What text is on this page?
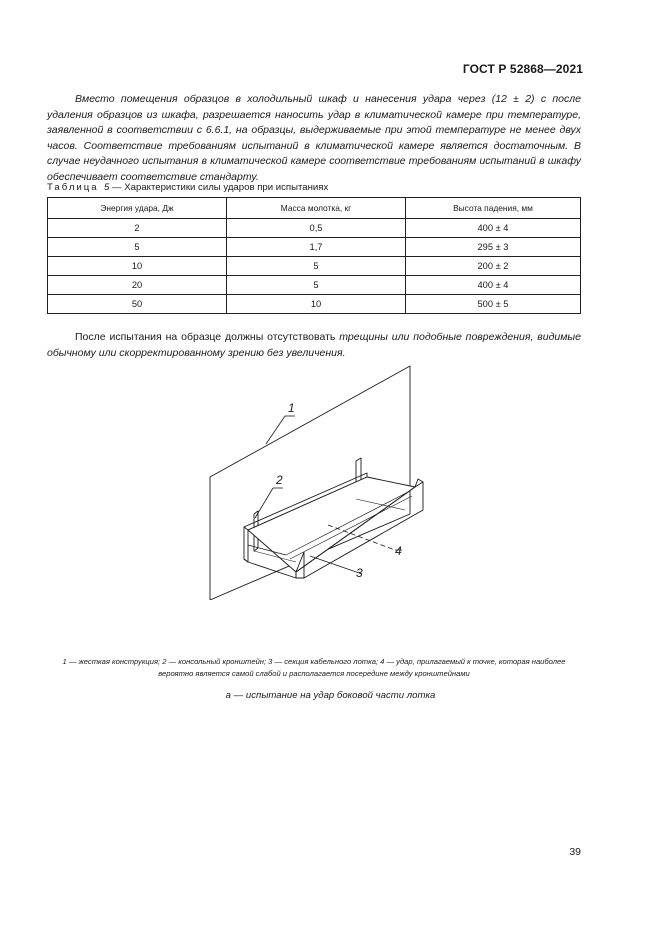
ГОСТ Р 52868—2021

Вместо помещения образцов в холодильный шкаф и нанесения удара через (12 ± 2) с после удаления образцов из шкафа, разрешается наносить удар в климатической камере при температуре, заявленной в соответствии с 6.6.1, на образцы, выдерживаемые при этой температуре не менее двух часов. Соответствие требованиям испытаний в климатической камере является достаточным. В случае неудачного испытания в климатической камере соответствие требованиям испытаний в шкафу обеспечивает соответствие стандарту.

Таблица 5 — Характеристики силы ударов при испытаниях
Энергия удара, Дж	Масса молотка, кг	Высота падения, мм
2	0,5	400 ± 4
5	1,7	295 ± 3
10	5	200 ± 2
20	5	400 ± 4
50	10	500 ± 5

После испытания на образце должны отсутствовать трещины или подобные повреждения, видимые обычному или скорректированному зрению без увеличения.

1
2
3
4

1 — жесткая конструкция; 2 — консольный кронштейн; 3 — секция кабельного лотка; 4 — удар, прилагаемый к точке, которая наиболее вероятно является самой слабой и располагается посередине между кронштейнами

а — испытание на удар боковой части лотка
39
